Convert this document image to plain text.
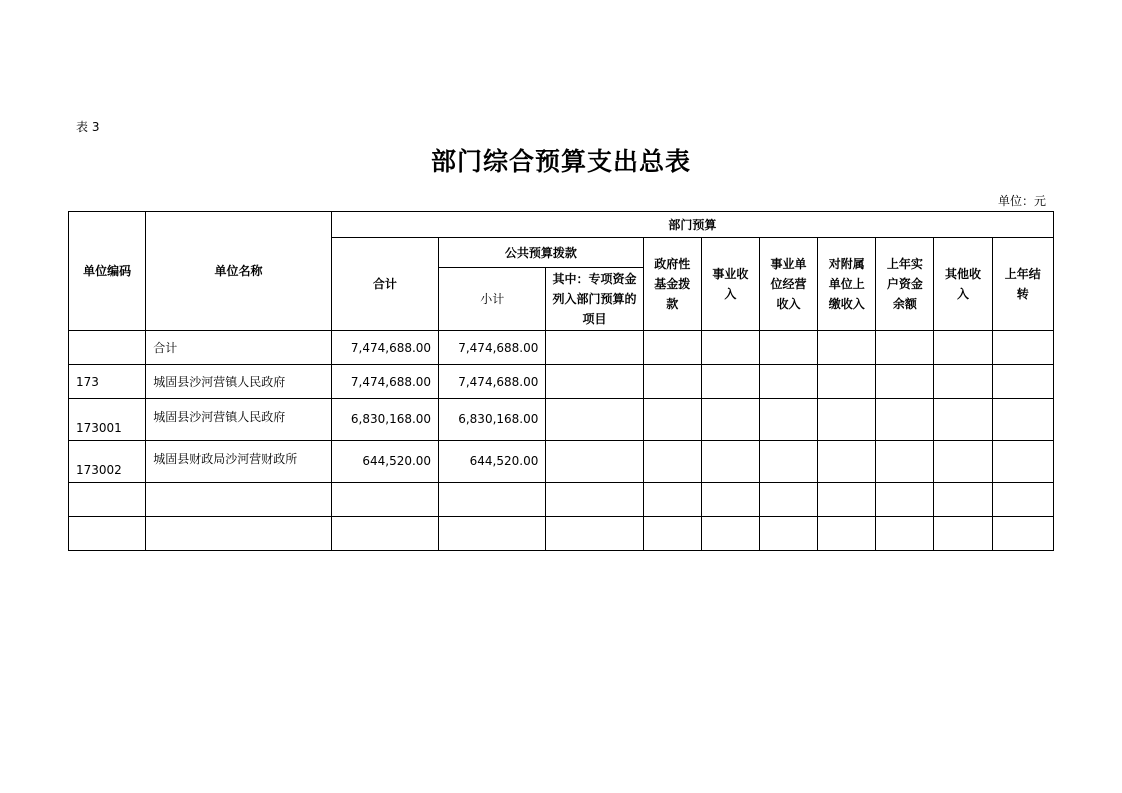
表 3
部门综合预算支出总表
单位：元
单位编码	单位名称	部门预算									
		合计	公共预算拨款		政府性基金拨款	事业收入	事业单位经营收入	对附属单位上缴收入	上年实户资金余额	其他收入	上年结转
			小计	其中：专项资金列入部门预算的项目							
	合计	7,474,688.00	7,474,688.00								
173	城固县沙河营镇人民政府	7,474,688.00	7,474,688.00								
173001	城固县沙河营镇人民政府	6,830,168.00	6,830,168.00								
173002	城固县财政局沙河营财政所	644,520.00	644,520.00								
